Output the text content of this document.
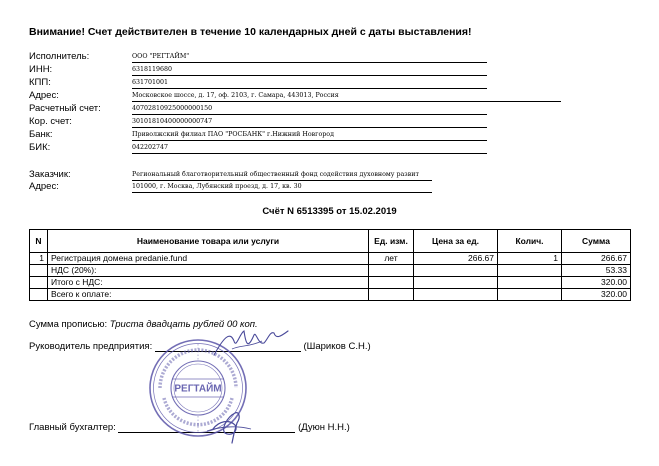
Внимание! Счет действителен в течение 10 календарных дней с даты выставления!
Исполнитель:	ООО "РЕГТАЙМ"
ИНН:	6318119680
КПП:	631701001
Адрес:	Московское шоссе, д. 17, оф. 2103, г. Самара, 443013, Россия
Расчетный счет:	40702810925000000150
Кор. счет:	30101810400000000747
Банк:	Приволжский филиал ПАО "РОСБАНК" г.Нижний Новгород
БИК:	042202747
Заказчик:	Региональный благотворительный общественный фонд содействия духовному развит
Адрес:	101000, г. Москва, Лубянский проезд, д. 17, кв. 30
Счёт N 6513395 от 15.02.2019
N	Наименование товара или услуги	Ед. изм.	Цена за ед.	Колич.	Сумма
1	Регистрация домена predanie.fund	лет	266.67	1	266.67
	НДС (20%):				53.33
	Итого с НДС:				320.00
	Всего к оплате:				320.00
Сумма прописью: Триста двадцать рублей 00 коп.
Руководитель предприятия:	(Шариков С.Н.)
Главный бухгалтер:	(Дуюн Н.Н.)
РЕГТАЙМ
